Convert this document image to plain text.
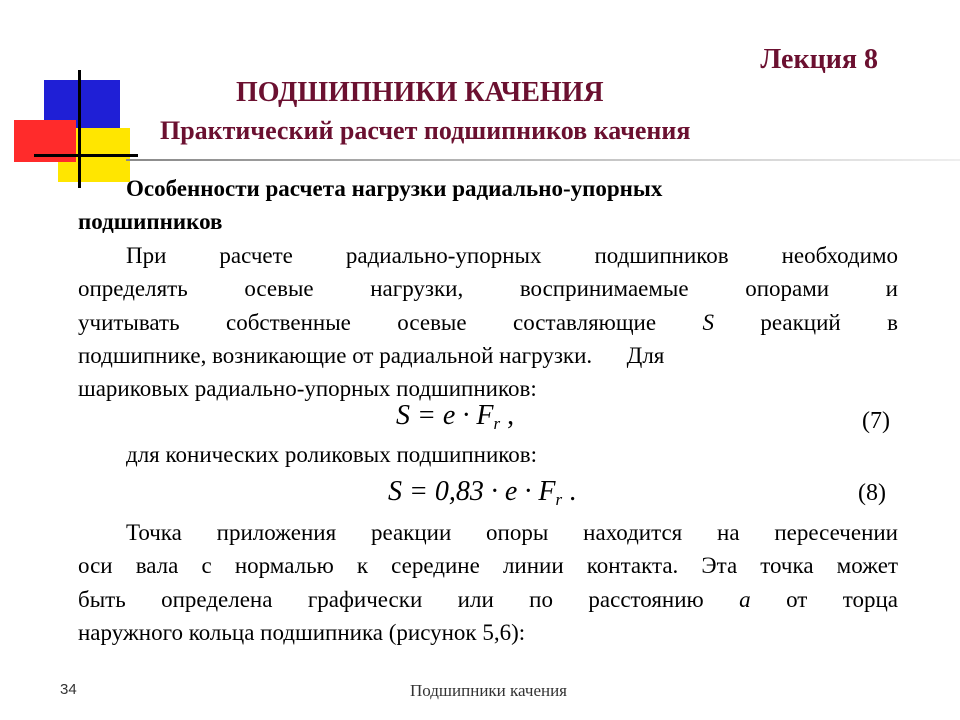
Лекция 8
ПОДШИПНИКИ КАЧЕНИЯ
Практический расчет подшипников качения
Особенности расчета нагрузки радиально-упорных
подшипников
При расчете радиально-упорных подшипников необходимо
определять осевые нагрузки, воспринимаемые опорами и
учитывать собственные осевые составляющие S реакций в
подшипнике, возникающие от радиальной нагрузки.      Для
шариковых радиально-упорных подшипников:
$S = e \cdot F_r$ ,	(7)
для конических роликовых подшипников:
$S = 0,83 \cdot e \cdot F_r$ .	(8)
Точка приложения реакции опоры находится на пересечении
оси вала с нормалью к середине линии контакта. Эта точка может
быть определена графически или по расстоянию a от торца
наружного кольца подшипника (рисунок 5,6):
34	Подшипники качения
